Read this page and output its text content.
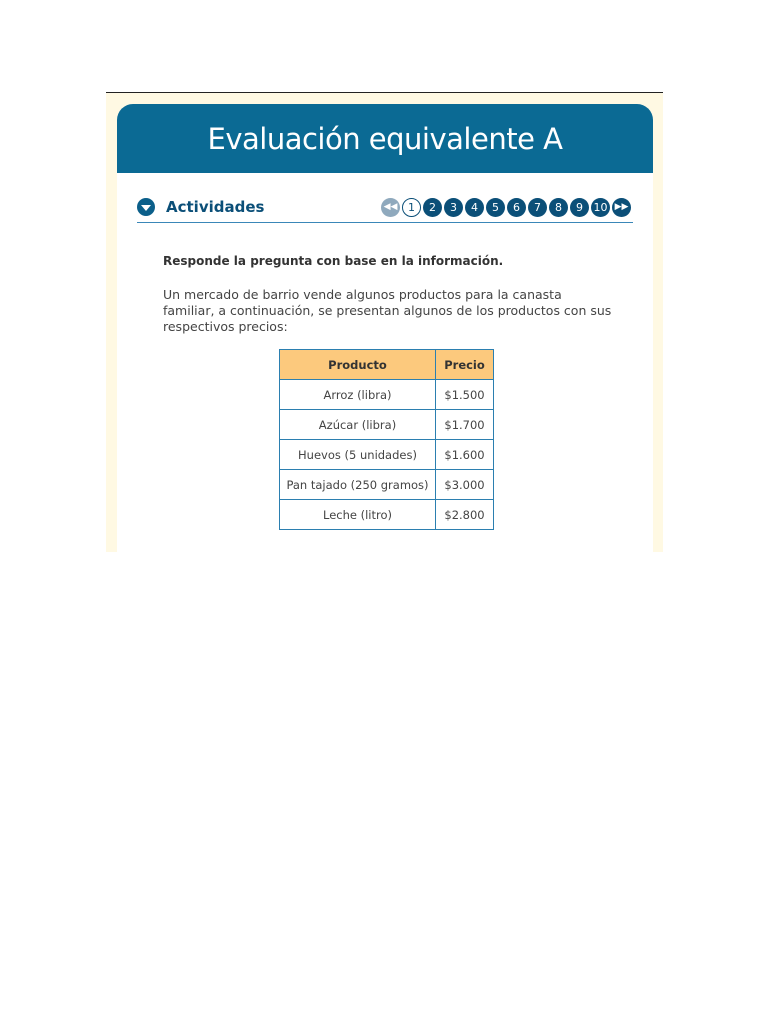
Evaluación equivalente A
Actividades	◀◀ 1	2	3	4	5	6	7	8	9 10 ▶▶

Responde la pregunta con base en la información.

Un mercado de barrio vende algunos productos para la canasta familiar, a continuación, se presentan algunos de los productos con sus respectivos precios:

Producto	Precio
Arroz (libra)	$1.500
Azúcar (libra)	$1.700
Huevos (5 unidades)	$1.600
Pan tajado (250 gramos)	$3.000
Leche (litro)	$2.800
